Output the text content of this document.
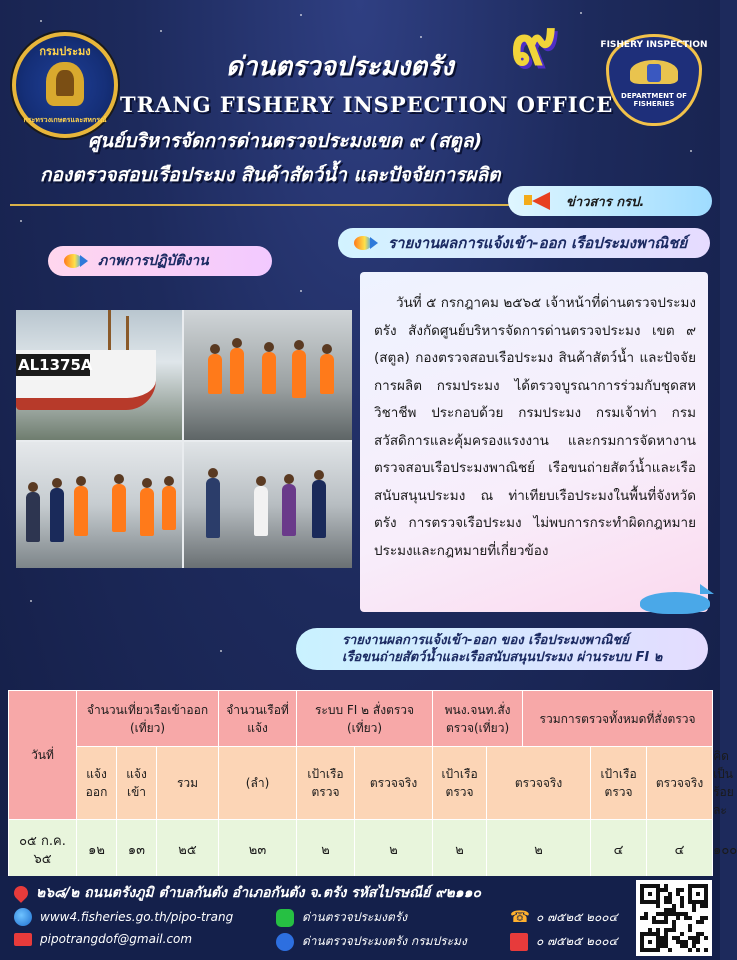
กรมประมง
กระทรวงเกษตรและสหกรณ์
๙	FISHERY INSPECTION
DEPARTMENT OF FISHERIES
ด่านตรวจประมงตรัง
TRANG FISHERY INSPECTION OFFICE
ศูนย์บริหารจัดการด่านตรวจประมงเขต ๙ (สตูล)
กองตรวจสอบเรือประมง สินค้าสัตว์น้ำ และปัจจัยการผลิต
ข่าวสาร กรป.
รายงานผลการแจ้งเข้า-ออก เรือประมงพาณิชย์
ภาพการปฏิบัติงาน
AL1375A

วันที่ ๕ กรกฎาคม ๒๕๖๕ เจ้าหน้าที่ด่านตรวจประมงตรัง สังกัดศูนย์บริหารจัดการด่านตรวจประมง เขต ๙ (สตูล) กองตรวจสอบเรือประมง สินค้าสัตว์น้ำ และปัจจัยการผลิต กรมประมง ได้ตรวจบูรณาการร่วมกับชุดสหวิชาชีพ ประกอบด้วย กรมประมง กรมเจ้าท่า กรมสวัสดิการและคุ้มครองแรงงาน และกรมการจัดหางาน ตรวจสอบเรือประมงพาณิชย์ เรือขนถ่ายสัตว์น้ำและเรือสนับสนุนประมง ณ ท่าเทียบเรือประมงในพื้นที่จังหวัดตรัง การตรวจเรือประมง ไม่พบการกระทำผิดกฎหมายประมงและกฎหมายที่เกี่ยวข้อง

รายงานผลการแจ้งเข้า-ออก ของ เรือประมงพาณิชย์
เรือขนถ่ายสัตว์น้ำและเรือสนับสนุนประมง ผ่านระบบ FI ๒
วันที่	จำนวนเที่ยวเรือเข้าออก (เที่ยว)			จำนวนเรือที่แจ้ง	ระบบ FI ๒ สั่งตรวจ (เที่ยว)		พนง.จนท.สั่งตรวจ(เที่ยว)		รวมการตรวจทั้งหมดที่สั่งตรวจ			
	แจ้งออก	แจ้งเข้า	รวม	(ลำ)	เป้าเรือตรวจ	ตรวจจริง	เป้าเรือตรวจ	ตรวจจริง		เป้าเรือตรวจ	ตรวจจริง	คิดเป็นร้อยละ
๐๕ ก.ค. ๖๕	๑๒	๑๓	๒๕	๒๓	๒	๒	๒	๒		๔	๔	๑๐๐
๒๖๘/๒ ถนนตรังภูมิ ตำบลกันตัง อำเภอกันตัง จ.ตรัง รหัสไปรษณีย์ ๙๒๑๑๐
www4.fisheries.go.th/pipo-trang	ด่านตรวจประมงตรัง ☎	๐ ๗๕๒๕ ๒๐๐๔
pipotrangdof@gmail.com	ด่านตรวจประมงตรัง กรมประมง	๐ ๗๕๒๕ ๒๐๐๔
